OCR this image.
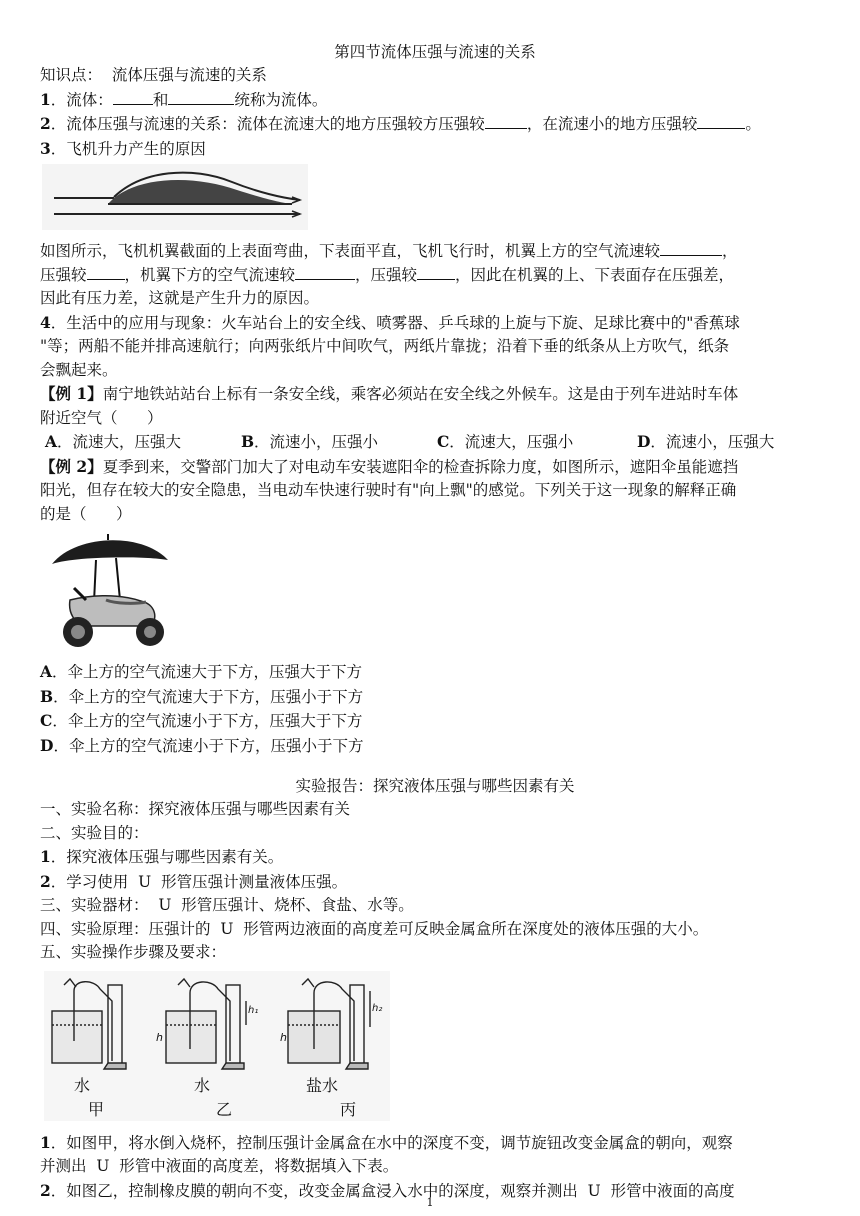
第四节流体压强与流速的关系

知识点：  流体压强与流速的关系

1．流体：	和	统称为流体。

2．流体压强与流速的关系：流体在流速大的地方压强较方压强较	，在流速小的地方压强较	。

3．飞机升力产生的原因

如图所示，飞机机翼截面的上表面弯曲，下表面平直，飞机飞行时，机翼上方的空气流速较	，
压强较 ，机翼下方的空气流速较	，压强较 ，因此在机翼的上、下表面存在压强差，
因此有压力差，这就是产生升力的原因。

4．生活中的应用与现象：火车站台上的安全线、喷雾器、乒乓球的上旋与下旋、足球比赛中的"香蕉球
"等；两船不能并排高速航行；向两张纸片中间吹气，两纸片靠拢；沿着下垂的纸条从上方吹气，纸条
会飘起来。

【例 1】南宁地铁站站台上标有一条安全线，乘客必须站在安全线之外候车。这是由于列车进站时车体
附近空气（      ）

A．流速大，压强大	B．流速小，压强小	C．流速大，压强小	D．流速小，压强大

【例 2】夏季到来，交警部门加大了对电动车安装遮阳伞的检查拆除力度，如图所示，遮阳伞虽能遮挡
阳光，但存在较大的安全隐患，当电动车快速行驶时有"向上飘"的感觉。下列关于这一现象的解释正确
的是（      ）

A．伞上方的空气流速大于下方，压强大于下方

B．伞上方的空气流速大于下方，压强小于下方

C．伞上方的空气流速小于下方，压强大于下方

D．伞上方的空气流速小于下方，压强小于下方

实验报告：探究液体压强与哪些因素有关

一、实验名称：探究液体压强与哪些因素有关

二、实验目的：

1．探究液体压强与哪些因素有关。

2．学习使用  U  形管压强计测量液体压强。

三、实验器材：  U  形管压强计、烧杯、食盐、水等。

四、实验原理：压强计的  U  形管两边液面的高度差可反映金属盒所在深度处的液体压强的大小。

五、实验操作步骤及要求：

水
甲
h
h₁
水
乙
h
h₂
盐水
丙

1．如图甲，将水倒入烧杯，控制压强计金属盒在水中的深度不变，调节旋钮改变金属盒的朝向，观察
并测出  U  形管中液面的高度差，将数据填入下表。

2．如图乙，控制橡皮膜的朝向不变，改变金属盒浸入水中的深度，观察并测出  U  形管中液面的高度

1
